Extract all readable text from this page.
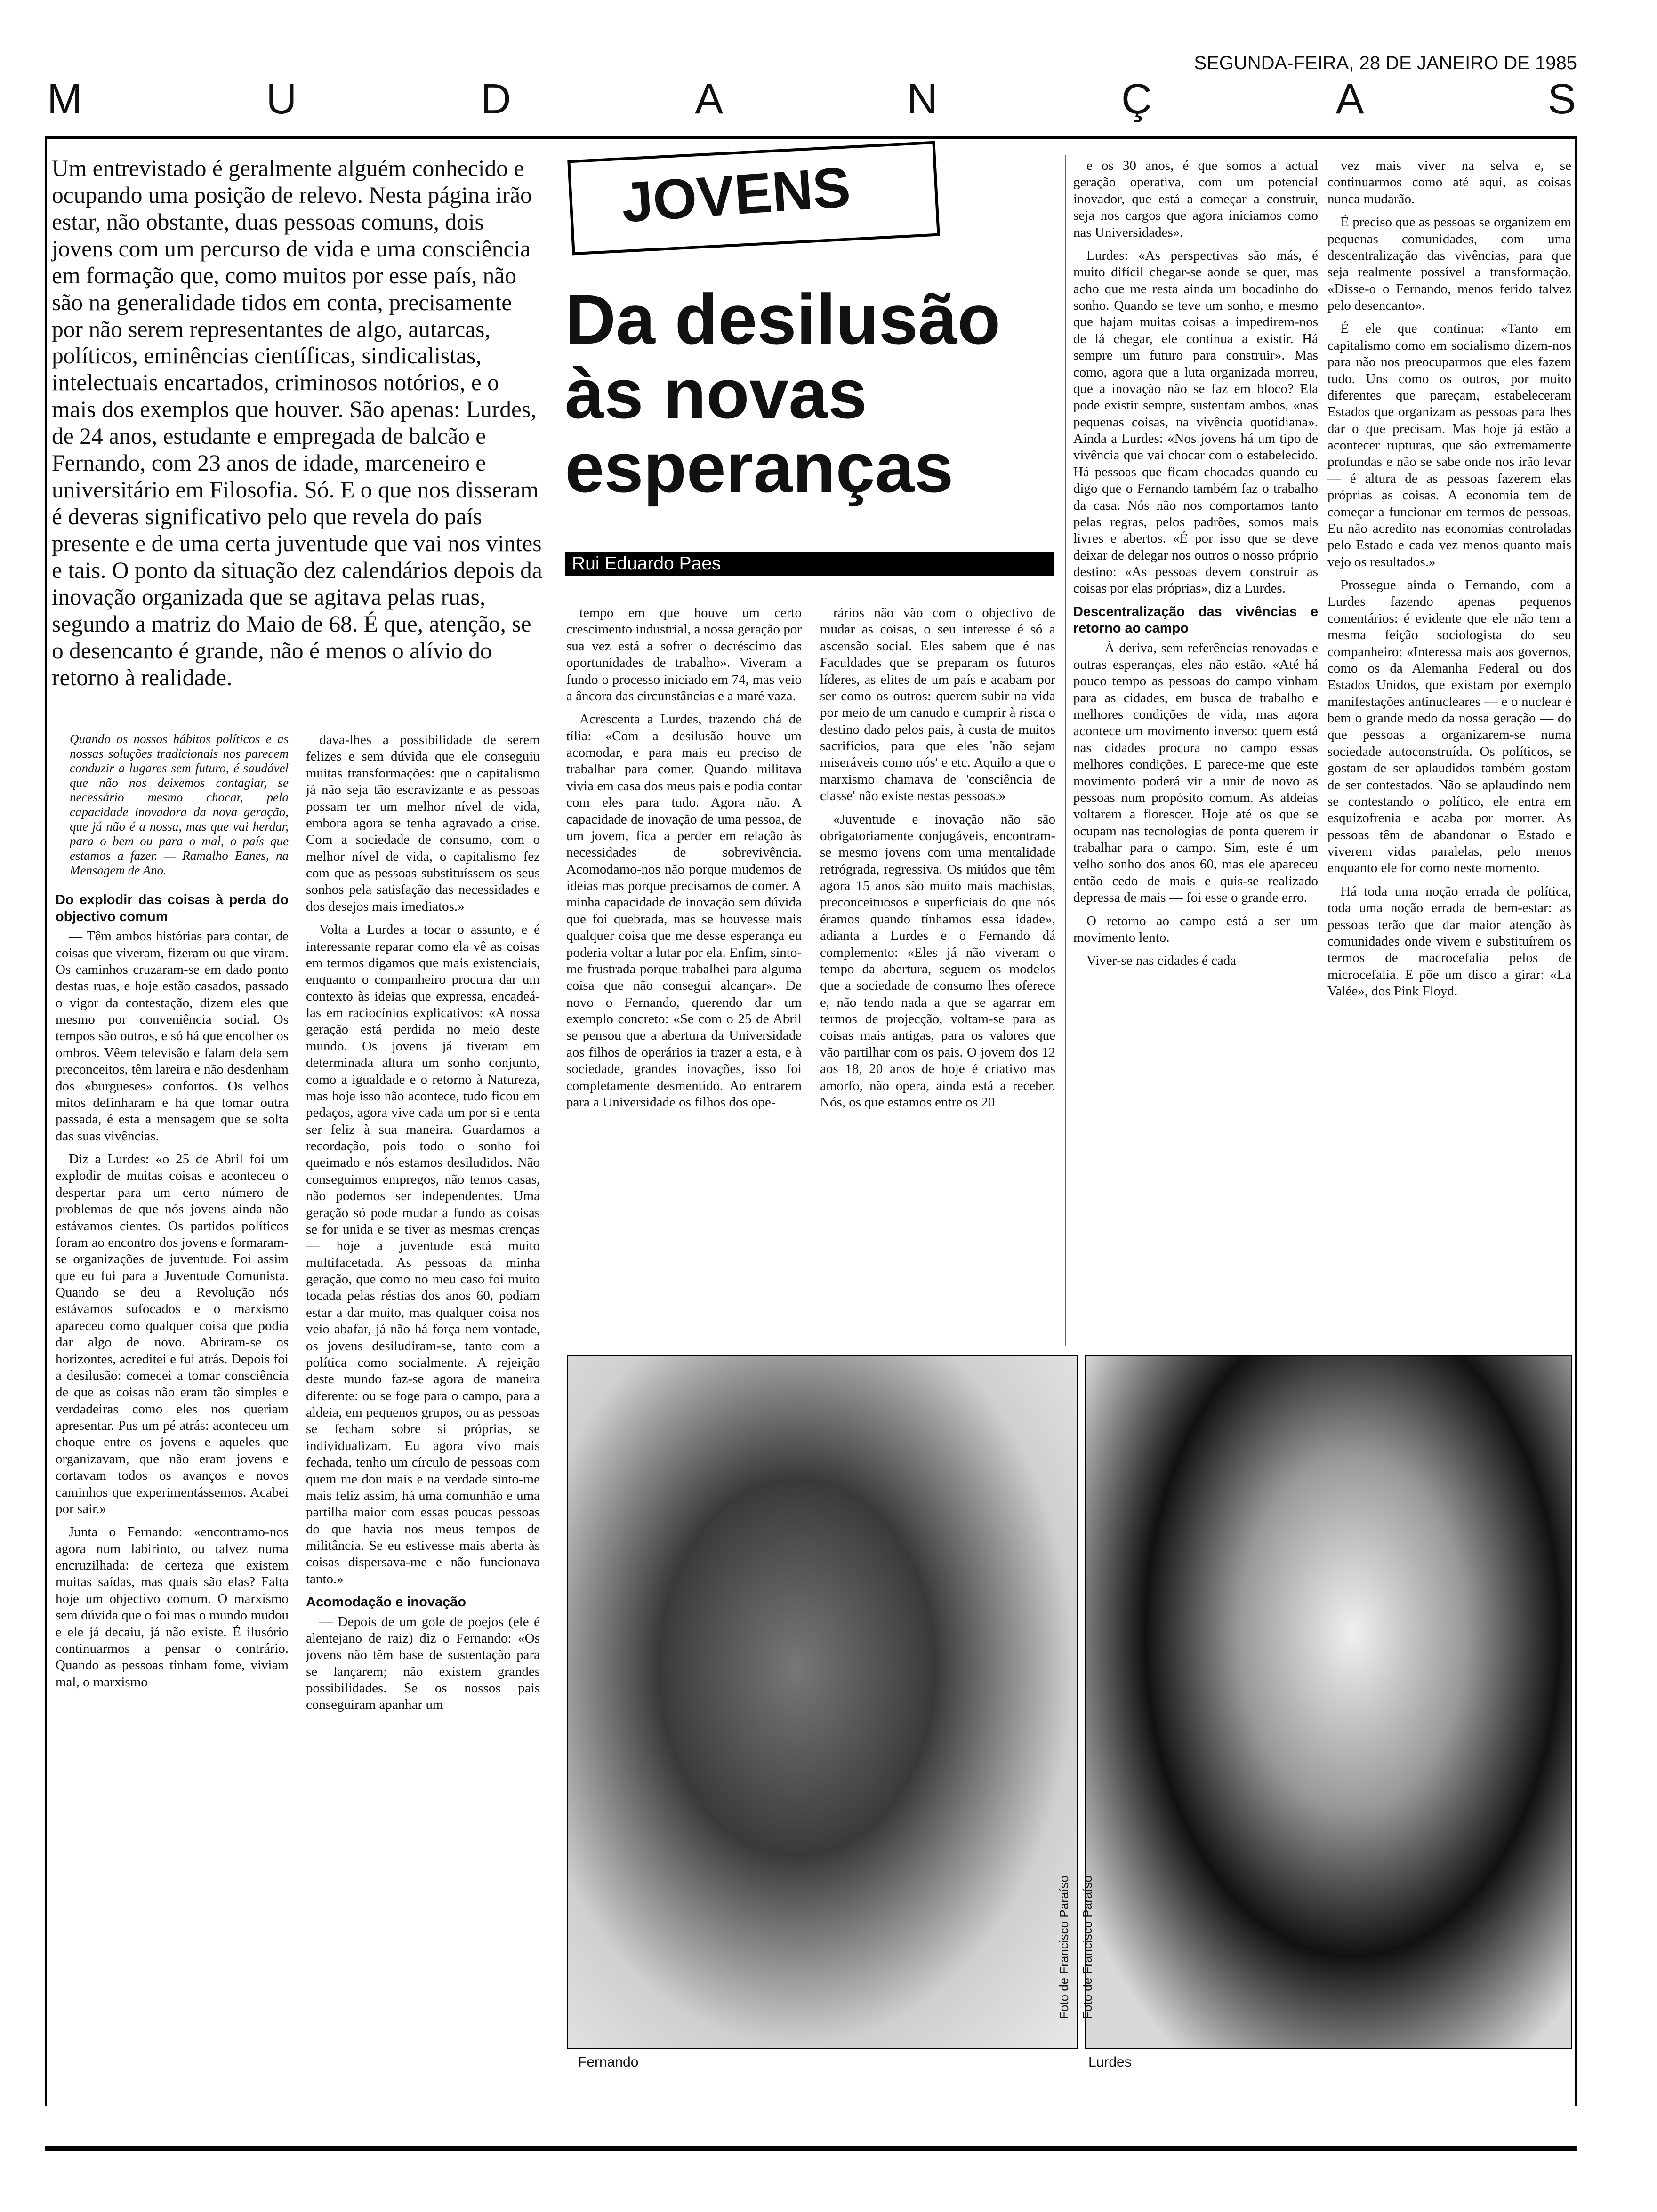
SEGUNDA-FEIRA, 28 DE JANEIRO DE 1985
M	U	D	A	N	Ç	A	S
Um entrevistado é geralmente alguém conhecido e ocupando uma posição de relevo. Nesta página irão estar, não obstante, duas pessoas comuns, dois jovens com um percurso de vida e uma consciência em formação que, como muitos por esse país, não são na generalidade tidos em conta, precisamente por não serem representantes de algo, autarcas, políticos, eminências científicas, sindicalistas, intelectuais encartados, criminosos notórios, e o mais dos exemplos que houver. São apenas: Lurdes, de 24 anos, estudante e empregada de balcão e Fernando, com 23 anos de idade, marceneiro e universitário em Filosofia. Só. E o que nos disseram é deveras significativo pelo que revela do país presente e de uma certa juventude que vai nos vintes e tais. O ponto da situação dez calendários depois da inovação organizada que se agitava pelas ruas, segundo a matriz do Maio de 68. É que, atenção, se o desencanto é grande, não é menos o alívio do retorno à realidade.
JOVENS
Da desilusão
às novas
esperanças
Rui Eduardo Paes
Quando os nossos hábitos políticos e as nossas soluções tradicionais nos parecem conduzir a lugares sem futuro, é saudável que não nos deixemos contagiar, se necessário mesmo chocar, pela capacidade inovadora da nova geração, que já não é a nossa, mas que vai herdar, para o bem ou para o mal, o país que estamos a fazer. — Ramalho Eanes, na Mensagem de Ano.

Do explodir das coisas à perda do objectivo comum

— Têm ambos histórias para contar, de coisas que viveram, fizeram ou que viram. Os caminhos cruzaram-se em dado ponto destas ruas, e hoje estão casados, passado o vigor da contestação, dizem eles que mesmo por conveniência social. Os tempos são outros, e só há que encolher os ombros. Vêem televisão e falam dela sem preconceitos, têm lareira e não desdenham dos «burgueses» confortos. Os velhos mitos definharam e há que tomar outra passada, é esta a mensagem que se solta das suas vivências.

Diz a Lurdes: «o 25 de Abril foi um explodir de muitas coisas e aconteceu o despertar para um certo número de problemas de que nós jovens ainda não estávamos cientes. Os partidos políticos foram ao encontro dos jovens e formaram-se organizações de juventude. Foi assim que eu fui para a Juventude Comunista. Quando se deu a Revolução nós estávamos sufocados e o marxismo apareceu como qualquer coisa que podia dar algo de novo. Abriram-se os horizontes, acreditei e fui atrás. Depois foi a desilusão: comecei a tomar consciência de que as coisas não eram tão simples e verdadeiras como eles nos queriam apresentar. Pus um pé atrás: aconteceu um choque entre os jovens e aqueles que organizavam, que não eram jovens e cortavam todos os avanços e novos caminhos que experimentássemos. Acabei por sair.»

Junta o Fernando: «encontramo-nos agora num labirinto, ou talvez numa encruzilhada: de certeza que existem muitas saídas, mas quais são elas? Falta hoje um objectivo comum. O marxismo sem dúvida que o foi mas o mundo mudou e ele já decaiu, já não existe. É ilusório continuarmos a pensar o contrário. Quando as pessoas tinham fome, viviam mal, o marxismo

dava-lhes a possibilidade de serem felizes e sem dúvida que ele conseguiu muitas transformações: que o capitalismo já não seja tão escravizante e as pessoas possam ter um melhor nível de vida, embora agora se tenha agravado a crise. Com a sociedade de consumo, com o melhor nível de vida, o capitalismo fez com que as pessoas substituíssem os seus sonhos pela satisfação das necessidades e dos desejos mais imediatos.»

Volta a Lurdes a tocar o assunto, e é interessante reparar como ela vê as coisas em termos digamos que mais existenciais, enquanto o companheiro procura dar um contexto às ideias que expressa, encadeá-las em raciocínios explicativos: «A nossa geração está perdida no meio deste mundo. Os jovens já tiveram em determinada altura um sonho conjunto, como a igualdade e o retorno à Natureza, mas hoje isso não acontece, tudo ficou em pedaços, agora vive cada um por si e tenta ser feliz à sua maneira. Guardamos a recordação, pois todo o sonho foi queimado e nós estamos desiludidos. Não conseguimos empregos, não temos casas, não podemos ser independentes. Uma geração só pode mudar a fundo as coisas se for unida e se tiver as mesmas crenças — hoje a juventude está muito multifacetada. As pessoas da minha geração, que como no meu caso foi muito tocada pelas réstias dos anos 60, podiam estar a dar muito, mas qualquer coisa nos veio abafar, já não há força nem vontade, os jovens desiludiram-se, tanto com a política como socialmente. A rejeição deste mundo faz-se agora de maneira diferente: ou se foge para o campo, para a aldeia, em pequenos grupos, ou as pessoas se fecham sobre si próprias, se individualizam. Eu agora vivo mais fechada, tenho um círculo de pessoas com quem me dou mais e na verdade sinto-me mais feliz assim, há uma comunhão e uma partilha maior com essas poucas pessoas do que havia nos meus tempos de militância. Se eu estivesse mais aberta às coisas dispersava-me e não funcionava tanto.»

Acomodação e inovação

— Depois de um gole de poejos (ele é alentejano de raiz) diz o Fernando: «Os jovens não têm base de sustentação para se lançarem; não existem grandes possibilidades. Se os nossos pais conseguiram apanhar um

tempo em que houve um certo crescimento industrial, a nossa geração por sua vez está a sofrer o decréscimo das oportunidades de trabalho». Viveram a fundo o processo iniciado em 74, mas veio a âncora das circunstâncias e a maré vaza.

Acrescenta a Lurdes, trazendo chá de tília: «Com a desilusão houve um acomodar, e para mais eu preciso de trabalhar para comer. Quando militava vivia em casa dos meus pais e podia contar com eles para tudo. Agora não. A capacidade de inovação de uma pessoa, de um jovem, fica a perder em relação às necessidades de sobrevivência. Acomodamo-nos não porque mudemos de ideias mas porque precisamos de comer. A minha capacidade de inovação sem dúvida que foi quebrada, mas se houvesse mais qualquer coisa que me desse esperança eu poderia voltar a lutar por ela. Enfim, sinto-me frustrada porque trabalhei para alguma coisa que não consegui alcançar». De novo o Fernando, querendo dar um exemplo concreto: «Se com o 25 de Abril se pensou que a abertura da Universidade aos filhos de operários ia trazer a esta, e à sociedade, grandes inovações, isso foi completamente desmentido. Ao entrarem para a Universidade os filhos dos ope-

rários não vão com o objectivo de mudar as coisas, o seu interesse é só a ascensão social. Eles sabem que é nas Faculdades que se preparam os futuros líderes, as elites de um país e acabam por ser como os outros: querem subir na vida por meio de um canudo e cumprir à risca o destino dado pelos pais, à custa de muitos sacrifícios, para que eles 'não sejam miseráveis como nós' e etc. Aquilo a que o marxismo chamava de 'consciência de classe' não existe nestas pessoas.»

«Juventude e inovação não são obrigatoriamente conjugáveis, encontram-se mesmo jovens com uma mentalidade retrógrada, regressiva. Os miúdos que têm agora 15 anos são muito mais machistas, preconceituosos e superficiais do que nós éramos quando tínhamos essa idade», adianta a Lurdes e o Fernando dá complemento: «Eles já não viveram o tempo da abertura, seguem os modelos que a sociedade de consumo lhes oferece e, não tendo nada a que se agarrar em termos de projecção, voltam-se para as coisas mais antigas, para os valores que vão partilhar com os pais. O jovem dos 12 aos 18, 20 anos de hoje é criativo mas amorfo, não opera, ainda está a receber. Nós, os que estamos entre os 20

e os 30 anos, é que somos a actual geração operativa, com um potencial inovador, que está a começar a construir, seja nos cargos que agora iniciamos como nas Universidades».

Lurdes: «As perspectivas são más, é muito difícil chegar-se aonde se quer, mas acho que me resta ainda um bocadinho do sonho. Quando se teve um sonho, e mesmo que hajam muitas coisas a impedirem-nos de lá chegar, ele continua a existir. Há sempre um futuro para construir». Mas como, agora que a luta organizada morreu, que a inovação não se faz em bloco? Ela pode existir sempre, sustentam ambos, «nas pequenas coisas, na vivência quotidiana». Ainda a Lurdes: «Nos jovens há um tipo de vivência que vai chocar com o estabelecido. Há pessoas que ficam chocadas quando eu digo que o Fernando também faz o trabalho da casa. Nós não nos comportamos tanto pelas regras, pelos padrões, somos mais livres e abertos. «É por isso que se deve deixar de delegar nos outros o nosso próprio destino: «As pessoas devem construir as coisas por elas próprias», diz a Lurdes.

Descentralização das vivências e retorno ao campo

— À deriva, sem referências renovadas e outras esperanças, eles não estão. «Até há pouco tempo as pessoas do campo vinham para as cidades, em busca de trabalho e melhores condições de vida, mas agora acontece um movimento inverso: quem está nas cidades procura no campo essas melhores condições. E parece-me que este movimento poderá vir a unir de novo as pessoas num propósito comum. As aldeias voltarem a florescer. Hoje até os que se ocupam nas tecnologias de ponta querem ir trabalhar para o campo. Sim, este é um velho sonho dos anos 60, mas ele apareceu então cedo de mais e quis-se realizado depressa de mais — foi esse o grande erro.

O retorno ao campo está a ser um movimento lento.

Viver-se nas cidades é cada

vez mais viver na selva e, se continuarmos como até aqui, as coisas nunca mudarão.

É preciso que as pessoas se organizem em pequenas comunidades, com uma descentralização das vivências, para que seja realmente possível a transformação. «Disse-o o Fernando, menos ferido talvez pelo desencanto».

É ele que continua: «Tanto em capitalismo como em socialismo dizem-nos para não nos preocuparmos que eles fazem tudo. Uns como os outros, por muito diferentes que pareçam, estabeleceram Estados que organizam as pessoas para lhes dar o que precisam. Mas hoje já estão a acontecer rupturas, que são extremamente profundas e não se sabe onde nos irão levar — é altura de as pessoas fazerem elas próprias as coisas. A economia tem de começar a funcionar em termos de pessoas. Eu não acredito nas economias controladas pelo Estado e cada vez menos quanto mais vejo os resultados.»

Prossegue ainda o Fernando, com a Lurdes fazendo apenas pequenos comentários: é evidente que ele não tem a mesma feição sociologista do seu companheiro: «Interessa mais aos governos, como os da Alemanha Federal ou dos Estados Unidos, que existam por exemplo manifestações antinucleares — e o nuclear é bem o grande medo da nossa geração — do que pessoas a organizarem-se numa sociedade autoconstruída. Os políticos, se gostam de ser aplaudidos também gostam de ser contestados. Não se aplaudindo nem se contestando o político, ele entra em esquizofrenia e acaba por morrer. As pessoas têm de abandonar o Estado e viverem vidas paralelas, pelo menos enquanto ele for como neste momento.

Há toda uma noção errada de política, toda uma noção errada de bem-estar: as pessoas terão que dar maior atenção às comunidades onde vivem e substituírem os termos de macrocefalia pelos de microcefalia. E põe um disco a girar: «La Valée», dos Pink Floyd.

Foto de Francisco Paraíso Foto de Francisco Paraíso
Fernando	Lurdes
